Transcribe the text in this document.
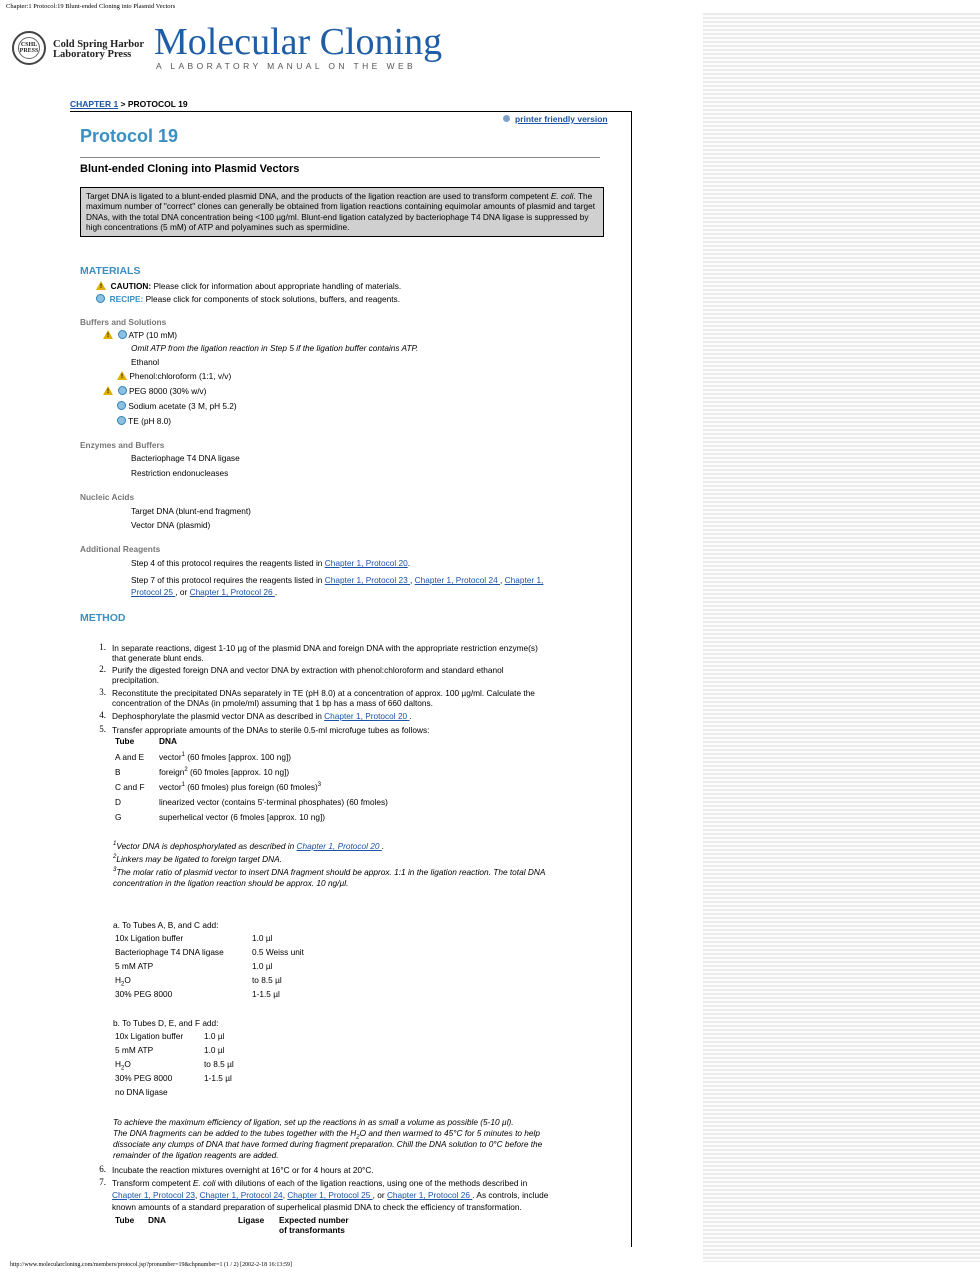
Chapter:1 Protocol:19 Blunt-ended Cloning into Plasmid Vectors
CSHL
PRESS
Cold Spring Harbor
Laboratory Press Molecular Cloning
A LABORATORY MANUAL ON THE WEB
CHAPTER 1 > PROTOCOL 19
printer friendly version
Protocol 19
Blunt-ended Cloning into Plasmid Vectors
Target DNA is ligated to a blunt-ended plasmid DNA, and the products of the ligation reaction are used to transform competent E. coli. The maximum number of "correct" clones can generally be obtained from ligation reactions containing equimolar amounts of plasmid and target DNAs, with the total DNA concentration being <100 µg/ml. Blunt-end ligation catalyzed by bacteriophage T4 DNA ligase is suppressed by high concentrations (5 mM) of ATP and polyamines such as spermidine.
MATERIALS
!  CAUTION: Please click for information about appropriate handling of materials.
RECIPE: Please click for components of stock solutions, buffers, and reagents.
Buffers and Solutions
!   ATP (10 mM)
Omit ATP from the ligation reaction in Step 5 if the ligation buffer contains ATP.
Ethanol
! Phenol:chloroform (1:1, v/v)
!   PEG 8000 (30% w/v)
Sodium acetate (3 M, pH 5.2)
TE (pH 8.0)
Enzymes and Buffers
Bacteriophage T4 DNA ligase
Restriction endonucleases
Nucleic Acids
Target DNA (blunt-end fragment)
Vector DNA (plasmid)
Additional Reagents
Step 4 of this protocol requires the reagents listed in Chapter 1, Protocol 20.
Step 7 of this protocol requires the reagents listed in Chapter 1, Protocol 23 , Chapter 1, Protocol 24 , Chapter 1,
Protocol 25 , or Chapter 1, Protocol 26 .
METHOD
1. In separate reactions, digest 1-10 µg of the plasmid DNA and foreign DNA with the appropriate restriction enzyme(s)
that generate blunt ends.
2. Purify the digested foreign DNA and vector DNA by extraction with phenol:chloroform and standard ethanol
precipitation.
3. Reconstitute the precipitated DNAs separately in TE (pH 8.0) at a concentration of approx. 100 µg/ml. Calculate the
concentration of the DNAs (in pmole/ml) assuming that 1 bp has a mass of 660 daltons.
4. Dephosphorylate the plasmid vector DNA as described in Chapter 1, Protocol 20 .
5. Transfer appropriate amounts of the DNAs to sterile 0.5-ml microfuge tubes as follows:
Tube	DNA
A and E	vector$^1$ (60 fmoles [approx. 100 ng])
B	foreign$^2$ (60 fmoles [approx. 10 ng])
C and F	vector$^1$ (60 fmoles) plus foreign (60 fmoles)$^3$
D	linearized vector (contains 5'-terminal phosphates) (60 fmoles)
G	superhelical vector (6 fmoles [approx. 10 ng])
$^1$Vector DNA is dephosphorylated as described in Chapter 1, Protocol 20 .
$^2$Linkers may be ligated to foreign target DNA.
$^3$The molar ratio of plasmid vector to insert DNA fragment should be approx. 1:1 in the ligation reaction. The total DNA
concentration in the ligation reaction should be approx. 10 ng/µl.
a. To Tubes A, B, and C add:
10x Ligation buffer	1.0 µl
Bacteriophage T4 DNA ligase	0.5 Weiss unit
5 mM ATP	1.0 µl
$H_2O$	to 8.5 µl
30% PEG 8000	1-1.5 µl
b. To Tubes D, E, and F add:
10x Ligation buffer	1.0 µl
5 mM ATP	1.0 µl
$H_2O$	to 8.5 µl
30% PEG 8000	1-1.5 µl
no DNA ligase	
To achieve the maximum efficiency of ligation, set up the reactions in as small a volume as possible (5-10 µl).
The DNA fragments can be added to the tubes together with the $H_2O$ and then warmed to 45°C for 5 minutes to help
dissociate any clumps of DNA that have formed during fragment preparation. Chill the DNA solution to 0°C before the
remainder of the ligation reagents are added.
6. Incubate the reaction mixtures overnight at 16°C or for 4 hours at 20°C.
7. Transform competent E. coli with dilutions of each of the ligation reactions, using one of the methods described in
Chapter 1, Protocol 23, Chapter 1, Protocol 24, Chapter 1, Protocol 25 , or Chapter 1, Protocol 26 . As controls, include
known amounts of a standard preparation of superhelical plasmid DNA to check the efficiency of transformation.
Tube	DNA	Ligase	Expected number
of transformants
http://www.molecularcloning.com/members/protocol.jsp?pronumber=19&chpnumber=1 (1 / 2) [2002-2-18 16:13:59]
